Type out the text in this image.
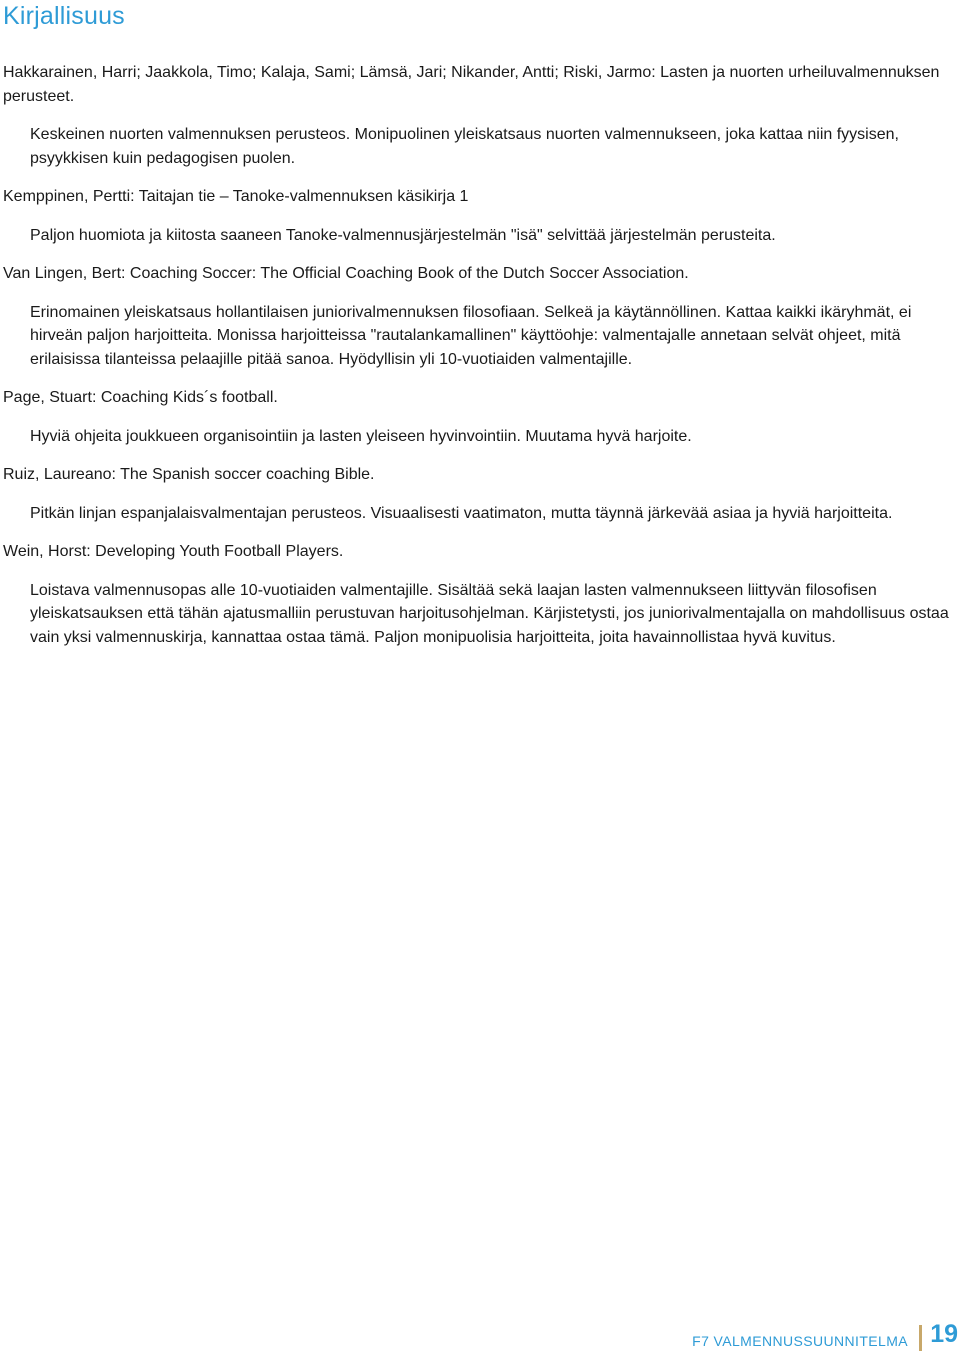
Kirjallisuus

Hakkarainen, Harri; Jaakkola, Timo; Kalaja, Sami; Lämsä, Jari; Nikander, Antti; Riski, Jarmo: Lasten ja nuorten urheiluvalmennuksen perusteet.

Keskeinen nuorten valmennuksen perusteos. Monipuolinen yleiskatsaus nuorten valmennukseen, joka kattaa niin fyysisen, psyykkisen kuin pedagogisen puolen.

Kemppinen, Pertti: Taitajan tie – Tanoke-valmennuksen käsikirja 1

Paljon huomiota ja kiitosta saaneen Tanoke-valmennusjärjestelmän "isä" selvittää järjestelmän perusteita.

Van Lingen, Bert: Coaching Soccer: The Official Coaching Book of the Dutch Soccer Association.

Erinomainen yleiskatsaus hollantilaisen juniorivalmennuksen filosofiaan. Selkeä ja käytännöllinen. Kattaa kaikki ikäryhmät, ei hirveän paljon harjoitteita. Monissa harjoitteissa "rautalankamallinen" käyttöohje: valmentajalle annetaan selvät ohjeet, mitä erilaisissa tilanteissa pelaajille pitää sanoa. Hyödyllisin yli 10-vuotiaiden valmentajille.

Page, Stuart: Coaching Kids´s football.

Hyviä ohjeita joukkueen organisointiin ja lasten yleiseen hyvinvointiin. Muutama hyvä harjoite.

Ruiz, Laureano: The Spanish soccer coaching Bible.

Pitkän linjan espanjalaisvalmentajan perusteos. Visuaalisesti vaatimaton, mutta täynnä järkevää asiaa ja hyviä harjoitteita.

Wein, Horst: Developing Youth Football Players.

Loistava valmennusopas alle 10-vuotiaiden valmentajille. Sisältää sekä laajan lasten valmennukseen liittyvän filosofisen yleiskatsauksen että tähän ajatusmalliin perustuvan harjoitusohjelman. Kärjistetysti, jos juniorivalmentajalla on mahdollisuus ostaa vain yksi valmennuskirja, kannattaa ostaa tämä. Paljon monipuolisia harjoitteita, joita havainnollistaa hyvä kuvitus.

F7 VALMENNUSSUUNNITELMA 19
